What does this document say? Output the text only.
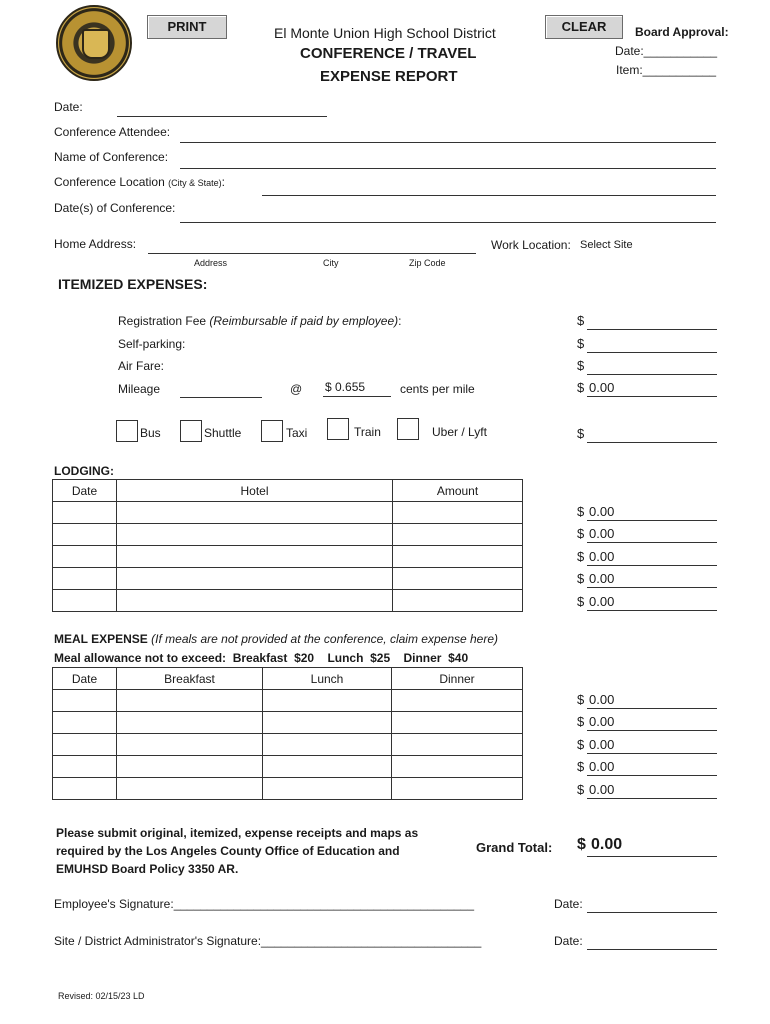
PRINT	CLEAR
El Monte Union High School District
CONFERENCE / TRAVEL
EXPENSE REPORT
Board Approval:
Date:___________
Item:___________
Date:
Conference Attendee:
Name of Conference:
Conference Location (City & State):
Date(s) of Conference:
Home Address:
Address	City	Zip Code
Work Location: Select Site
ITEMIZED EXPENSES:
Registration Fee (Reimbursable if paid by employee):	$
Self-parking:	$
Air Fare:	$
Mileage	@ $ 0.655	cents per mile	$ 0.00
Bus	Shuttle	Taxi	Train	Uber / Lyft	$
LODGING:
Date	Hotel	Amount

$ 0.00
$ 0.00
$ 0.00
$ 0.00
$ 0.00
MEAL EXPENSE (If meals are not provided at the conference, claim expense here)
Meal allowance not to exceed:  Breakfast  $20    Lunch  $25    Dinner  $40
Date	Breakfast	Lunch	Dinner

$ 0.00
$ 0.00
$ 0.00
$ 0.00
$ 0.00
Please submit original, itemized, expense receipts and maps as
required by the Los Angeles County Office of Education and
EMUHSD Board Policy 3350 AR.
Grand Total: $ 0.00
Employee's Signature:_____________________________________________	Date:
Site / District Administrator's Signature:_________________________________	Date:
Revised: 02/15/23 LD
